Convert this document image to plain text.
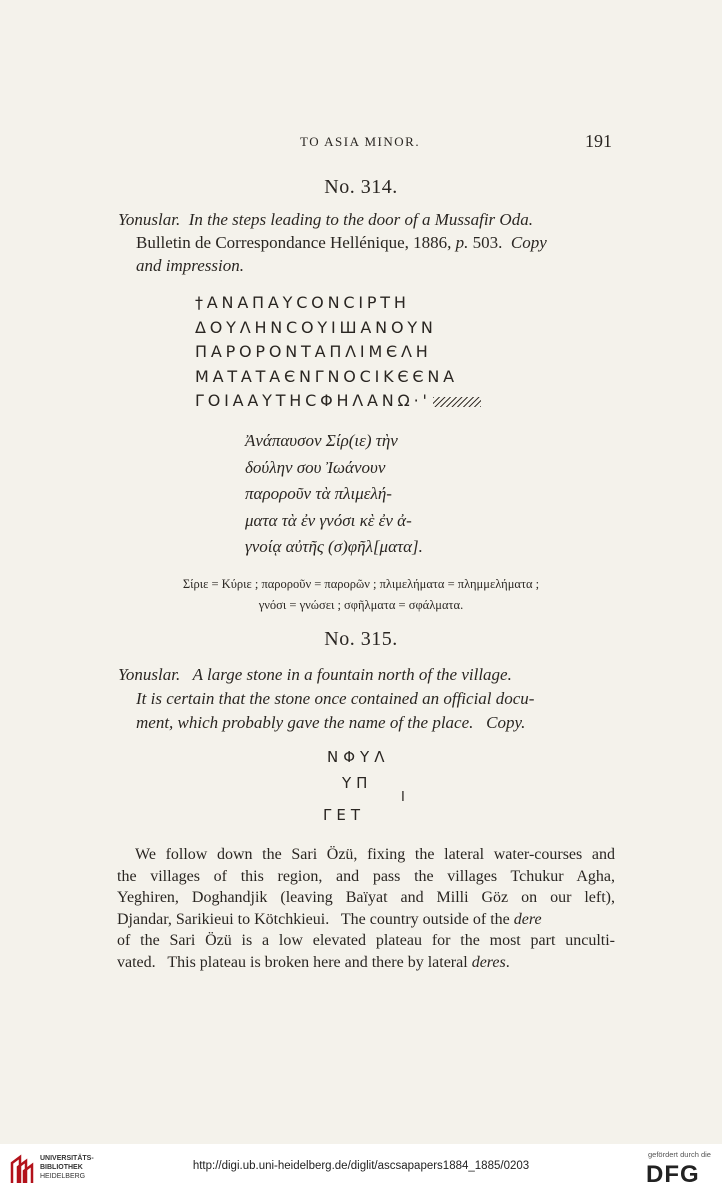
TO ASIA MINOR.	191
No. 314.
Yonuslar. In the steps leading to the door of a Mussafir Oda.
Bulletin de Correspondance Hellénique, 1886, p. 503. Copy
and impression.
†ΑΝΑΠΑΥϹΟΝϹΙΡΤΗ
ΔΟΥΛΗΝϹΟΥΙШΑΝΟΥΝ
ΠΑΡΟΡΟΝΤΑΠΛΙΜЄΛΗ
ΜΑΤΑΤΑЄΝΓΝΟϹΙΚЄЄΝΑ
ΓΟΙΑΑΥΤΗϹΦΗΛΑΝΩ·'
Ἀνάπαυσον Σίρ(ιε) τὴν
δούλην σου Ἰωάνουν
παροροῦν τὰ πλιμελή-
ματα τὰ ἐν γνόσι κὲ ἐν ἀ-
γνοίᾳ αὐτῆς (σ)φῆλ[ματα].
Σίριε = Κύριε ; παροροῦν = παρορῶν ; πλιμελήματα = πλημμελήματα ;
γνόσι = γνώσει ; σφῆλματα = σφάλματα.
No. 315.
Yonuslar.   A large stone in a fountain north of the village.
It is certain that the stone once contained an official docu-
ment, which probably gave the name of the place.   Copy.
ΝΦΥΛ
ΥΠ
Ι
ΓΕΤ
We follow down the Sari Özü, fixing the lateral water-courses and
the villages of this region, and pass the villages Tchukur Agha,
Yeghiren, Doghandjik (leaving Baïyat and Milli Göz on our left),
Djandar, Sarikieui to Kötchkieui.   The country outside of the dere
of the Sari Özü is a low elevated plateau for the most part unculti-
vated.   This plateau is broken here and there by lateral deres.
UNIVERSITÄTS-
BIBLIOTHEK
HEIDELBERG
http://digi.ub.uni-heidelberg.de/diglit/ascsapapers1884_1885/0203
gefördert durch die
DFG
